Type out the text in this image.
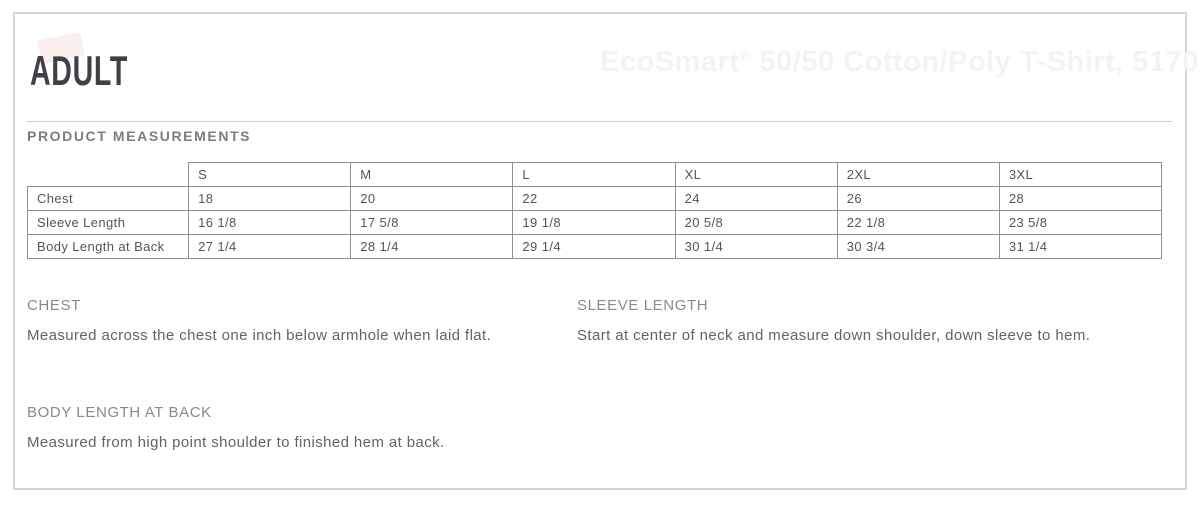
ADULT	EcoSmart® 50/50 Cotton/Poly T-Shirt, 5170
PRODUCT MEASUREMENTS
	S	M	L	XL	2XL	3XL
Chest	18	20	22	24	26	28
Sleeve Length	16 1/8	17 5/8	19 1/8	20 5/8	22 1/8	23 5/8
Body Length at Back	27 1/4	28 1/4	29 1/4	30 1/4	30 3/4	31 1/4

CHEST

Measured across the chest one inch below armhole when laid flat.

SLEEVE LENGTH

Start at center of neck and measure down shoulder, down sleeve to hem.

BODY LENGTH AT BACK

Measured from high point shoulder to finished hem at back.
